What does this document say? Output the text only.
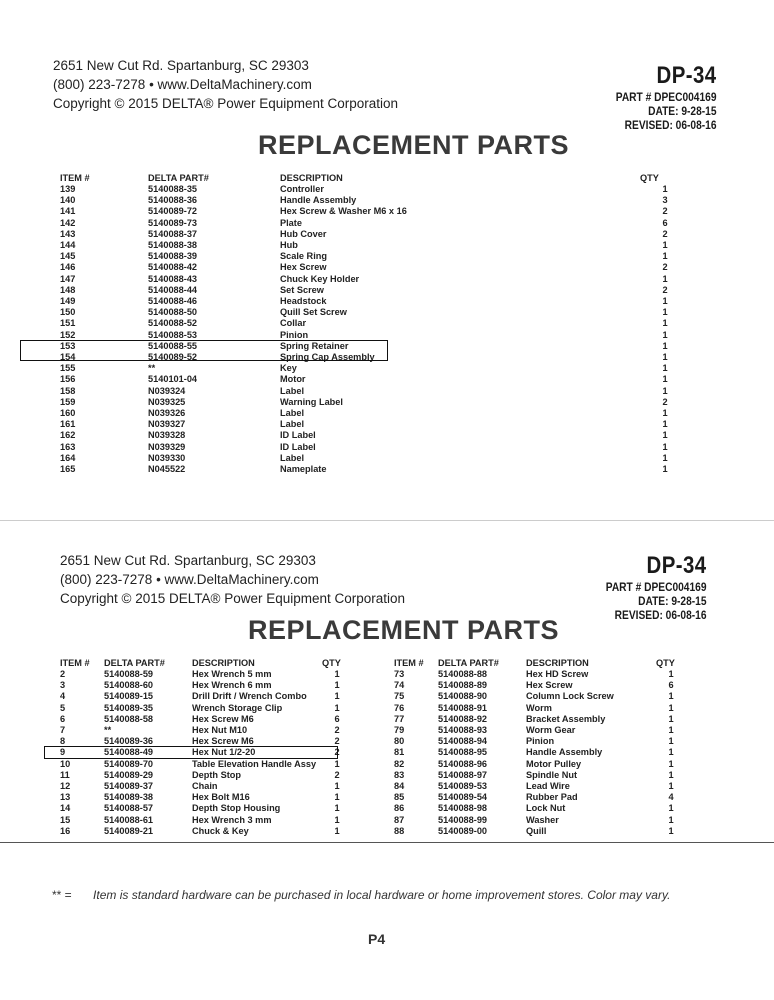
2651 New Cut Rd. Spartanburg, SC 29303
(800) 223-7278 • www.DeltaMachinery.com
Copyright © 2015 DELTA® Power Equipment Corporation
DP-34
PART # DPEC004169
DATE: 9-28-15
REVISED: 06-08-16
REPLACEMENT PARTS
ITEM #	DELTA PART#	DESCRIPTION	QTY
139	5140088-35	Controller	1
140	5140088-36	Handle Assembly	3
141	5140089-72	Hex Screw & Washer M6 x 16	2
142	5140089-73	Plate	6
143	5140088-37	Hub Cover	2
144	5140088-38	Hub	1
145	5140088-39	Scale Ring	1
146	5140088-42	Hex Screw	2
147	5140088-43	Chuck Key Holder	1
148	5140088-44	Set Screw	2
149	5140088-46	Headstock	1
150	5140088-50	Quill Set Screw	1
151	5140088-52	Collar	1
152	5140088-53	Pinion	1
153	5140088-55	Spring Retainer	1
154	5140089-52	Spring Cap Assembly	1
155	**	Key	1
156	5140101-04	Motor	1
158	N039324	Label	1
159	N039325	Warning Label	2
160	N039326	Label	1
161	N039327	Label	1
162	N039328	ID Label	1
163	N039329	ID Label	1
164	N039330	Label	1
165	N045522	Nameplate	1
2651 New Cut Rd. Spartanburg, SC 29303
(800) 223-7278 • www.DeltaMachinery.com
Copyright © 2015 DELTA® Power Equipment Corporation
DP-34
PART # DPEC004169
DATE: 9-28-15
REVISED: 06-08-16
REPLACEMENT PARTS
ITEM #	DELTA PART#	DESCRIPTION	QTY
2	5140088-59	Hex Wrench 5 mm	1
3	5140088-60	Hex Wrench 6 mm	1
4	5140089-15	Drill Drift / Wrench Combo	1
5	5140089-35	Wrench Storage Clip	1
6	5140088-58	Hex Screw M6	6
7	**	Hex Nut M10	2
8	5140089-36	Hex Screw M6	2
9	5140088-49	Hex Nut 1/2-20	2
10	5140089-70	Table Elevation Handle Assy	1
11	5140089-29	Depth Stop	2
12	5140089-37	Chain	1
13	5140089-38	Hex Bolt M16	1
14	5140088-57	Depth Stop Housing	1
15	5140088-61	Hex Wrench 3 mm	1
16	5140089-21	Chuck & Key	1
ITEM #	DELTA PART#	DESCRIPTION	QTY
73	5140088-88	Hex HD Screw	1
74	5140088-89	Hex Screw	6
75	5140088-90	Column Lock Screw	1
76	5140088-91	Worm	1
77	5140088-92	Bracket Assembly	1
79	5140088-93	Worm Gear	1
80	5140088-94	Pinion	1
81	5140088-95	Handle Assembly	1
82	5140088-96	Motor Pulley	1
83	5140088-97	Spindle Nut	1
84	5140089-53	Lead Wire	1
85	5140089-54	Rubber Pad	4
86	5140088-98	Lock Nut	1
87	5140088-99	Washer	1
88	5140089-00	Quill	1
** = Item is standard hardware can be purchased in local hardware or home improvement stores. Color may vary.
P4
